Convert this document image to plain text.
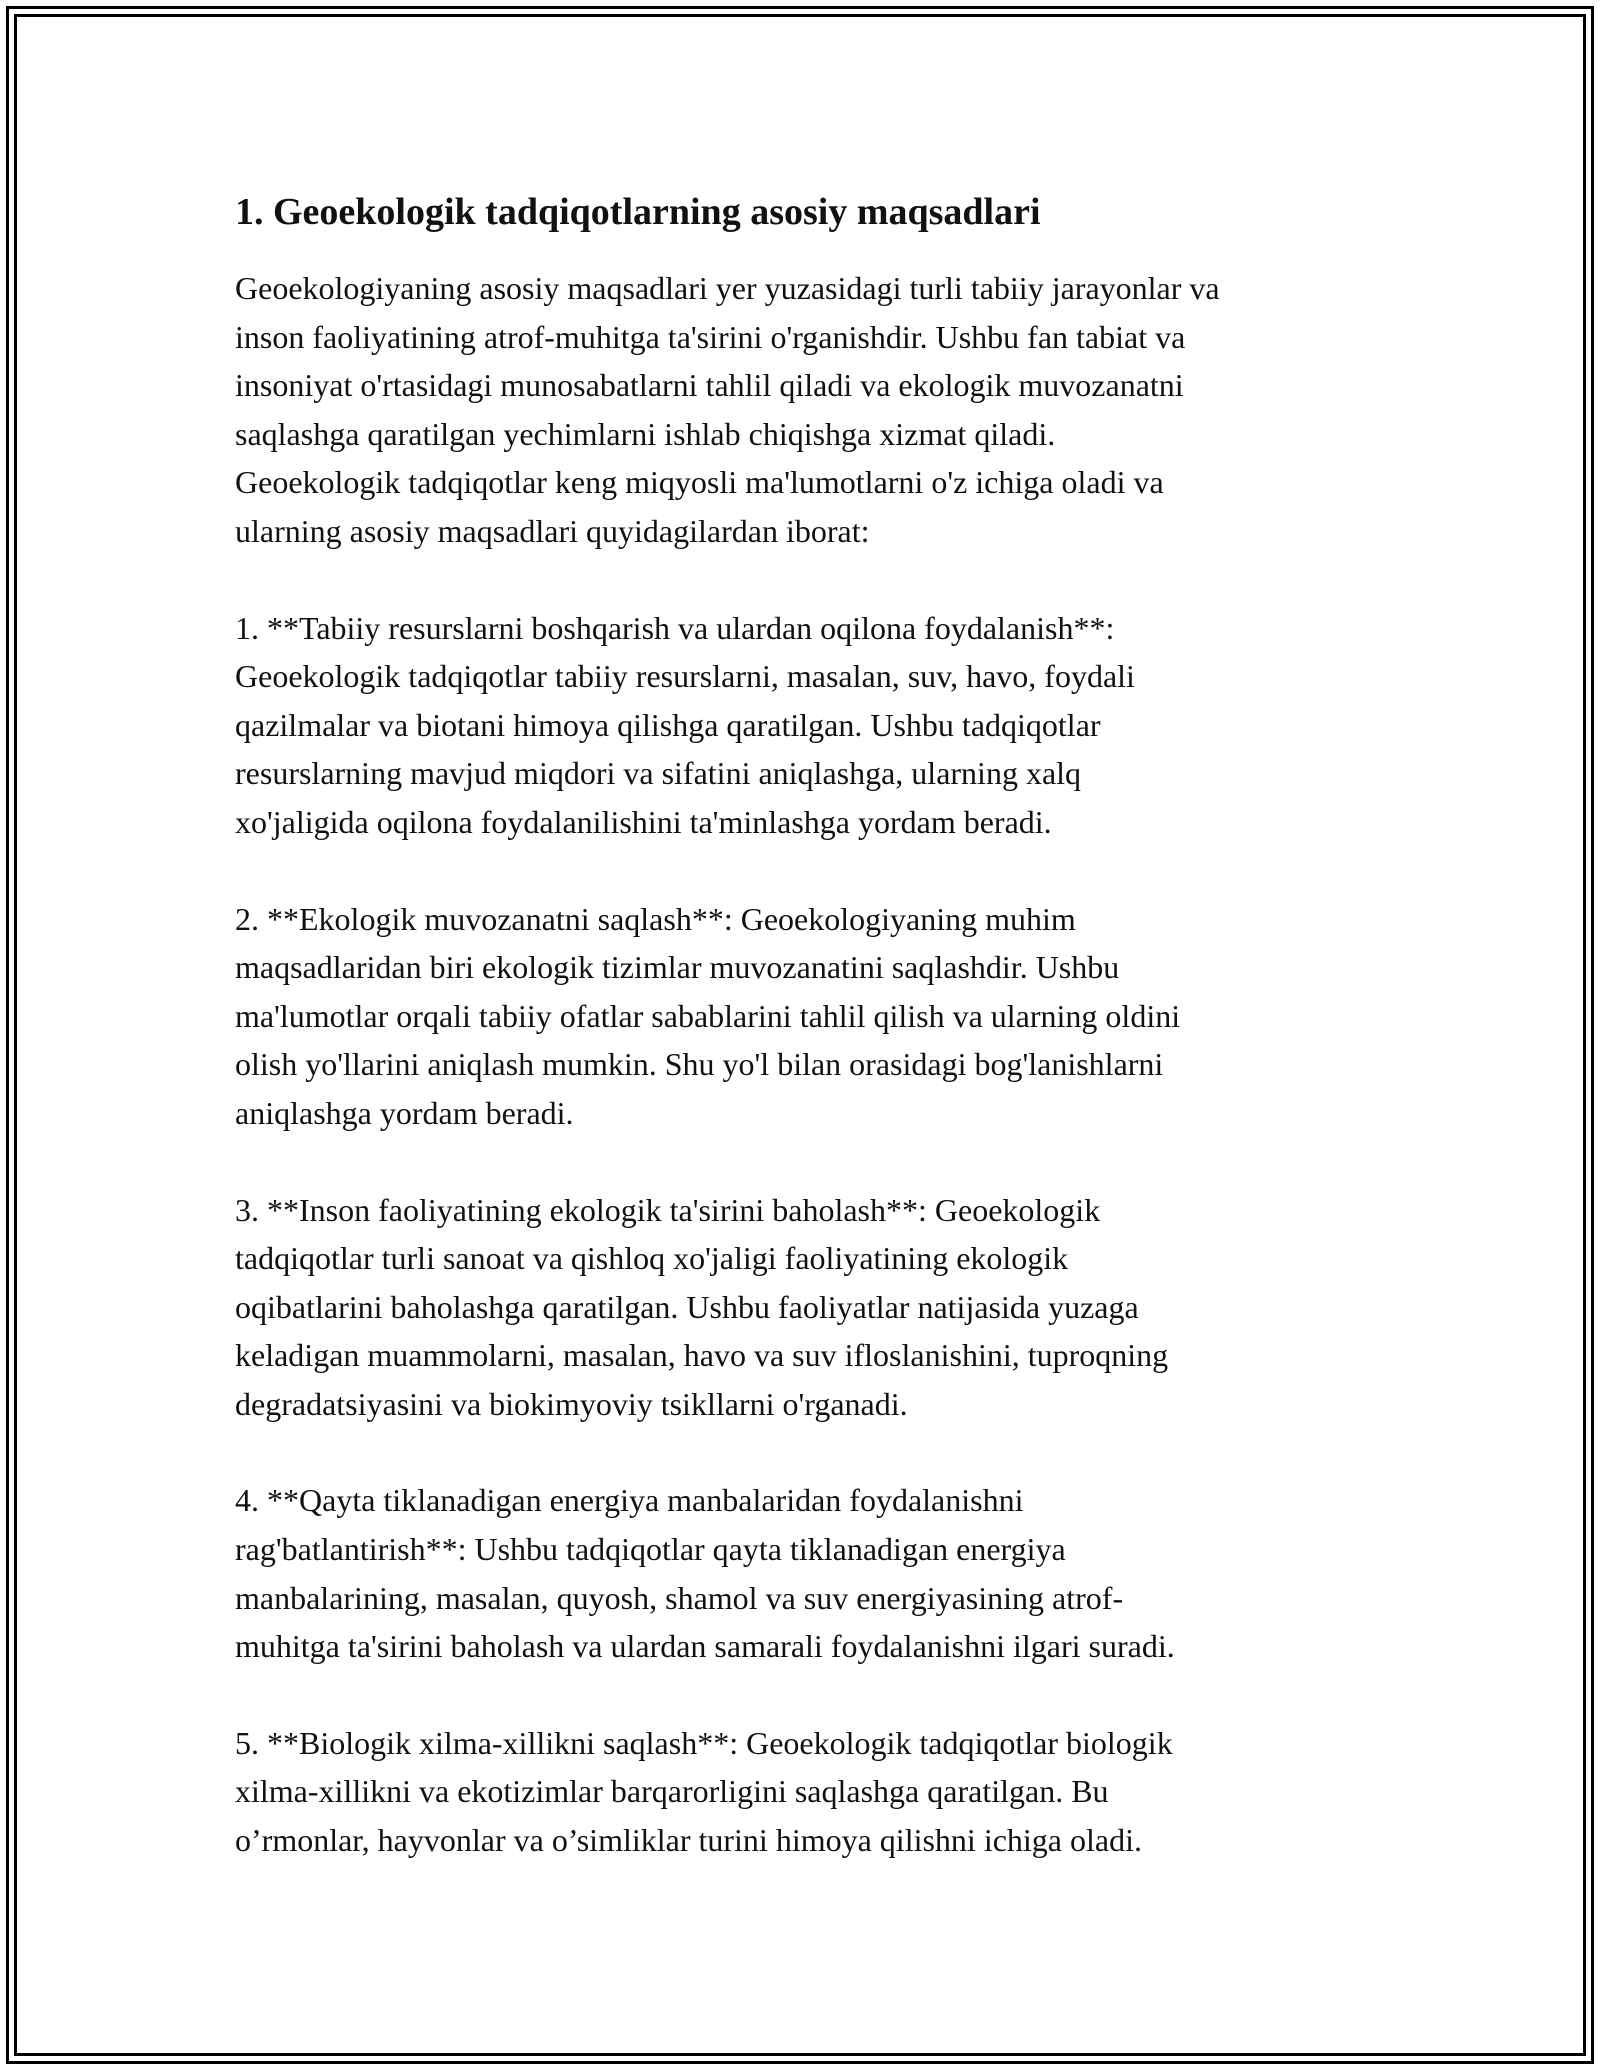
1. Geoekologik tadqiqotlarning asosiy maqsadlari

Geoekologiyaning asosiy maqsadlari yer yuzasidagi turli tabiiy jarayonlar va
inson faoliyatining atrof-muhitga ta'sirini o'rganishdir. Ushbu fan tabiat va
insoniyat o'rtasidagi munosabatlarni tahlil qiladi va ekologik muvozanatni
saqlashga qaratilgan yechimlarni ishlab chiqishga xizmat qiladi.
Geoekologik tadqiqotlar keng miqyosli ma'lumotlarni o'z ichiga oladi va
ularning asosiy maqsadlari quyidagilardan iborat:

1. **Tabiiy resurslarni boshqarish va ulardan oqilona foydalanish**:
Geoekologik tadqiqotlar tabiiy resurslarni, masalan, suv, havo, foydali
qazilmalar va biotani himoya qilishga qaratilgan. Ushbu tadqiqotlar
resurslarning mavjud miqdori va sifatini aniqlashga, ularning xalq
xo'jaligida oqilona foydalanilishini ta'minlashga yordam beradi.

2. **Ekologik muvozanatni saqlash**: Geoekologiyaning muhim
maqsadlaridan biri ekologik tizimlar muvozanatini saqlashdir. Ushbu
ma'lumotlar orqali tabiiy ofatlar sabablarini tahlil qilish va ularning oldini
olish yo'llarini aniqlash mumkin. Shu yo'l bilan orasidagi bog'lanishlarni
aniqlashga yordam beradi.

3. **Inson faoliyatining ekologik ta'sirini baholash**: Geoekologik
tadqiqotlar turli sanoat va qishloq xo'jaligi faoliyatining ekologik
oqibatlarini baholashga qaratilgan. Ushbu faoliyatlar natijasida yuzaga
keladigan muammolarni, masalan, havo va suv ifloslanishini, tuproqning
degradatsiyasini va biokimyoviy tsikllarni o'rganadi.

4. **Qayta tiklanadigan energiya manbalaridan foydalanishni
rag'batlantirish**: Ushbu tadqiqotlar qayta tiklanadigan energiya
manbalarining, masalan, quyosh, shamol va suv energiyasining atrof-
muhitga ta'sirini baholash va ulardan samarali foydalanishni ilgari suradi.

5. **Biologik xilma-xillikni saqlash**: Geoekologik tadqiqotlar biologik
xilma-xillikni va ekotizimlar barqarorligini saqlashga qaratilgan. Bu
o’rmonlar, hayvonlar va o’simliklar turini himoya qilishni ichiga oladi.
